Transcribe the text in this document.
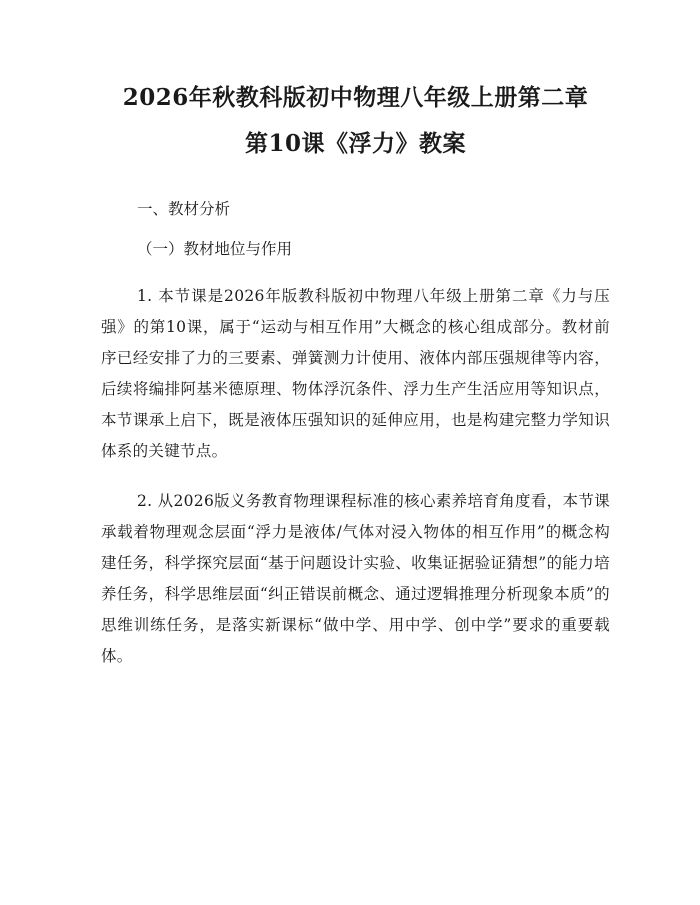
2026年秋教科版初中物理八年级上册第二章
第10课《浮力》教案
一、教材分析
（一）教材地位与作用

1. 本节课是2026年版教科版初中物理八年级上册第二章《力与压强》的第10课，属于“运动与相互作用”大概念的核心组成部分。教材前序已经安排了力的三要素、弹簧测力计使用、液体内部压强规律等内容，后续将编排阿基米德原理、物体浮沉条件、浮力生产生活应用等知识点，本节课承上启下，既是液体压强知识的延伸应用，也是构建完整力学知识体系的关键节点。

2. 从2026版义务教育物理课程标准的核心素养培育角度看，本节课承载着物理观念层面“浮力是液体/气体对浸入物体的相互作用”的概念构建任务，科学探究层面“基于问题设计实验、收集证据验证猜想”的能力培养任务，科学思维层面“纠正错误前概念、通过逻辑推理分析现象本质”的思维训练任务，是落实新课标“做中学、用中学、创中学”要求的重要载体。
